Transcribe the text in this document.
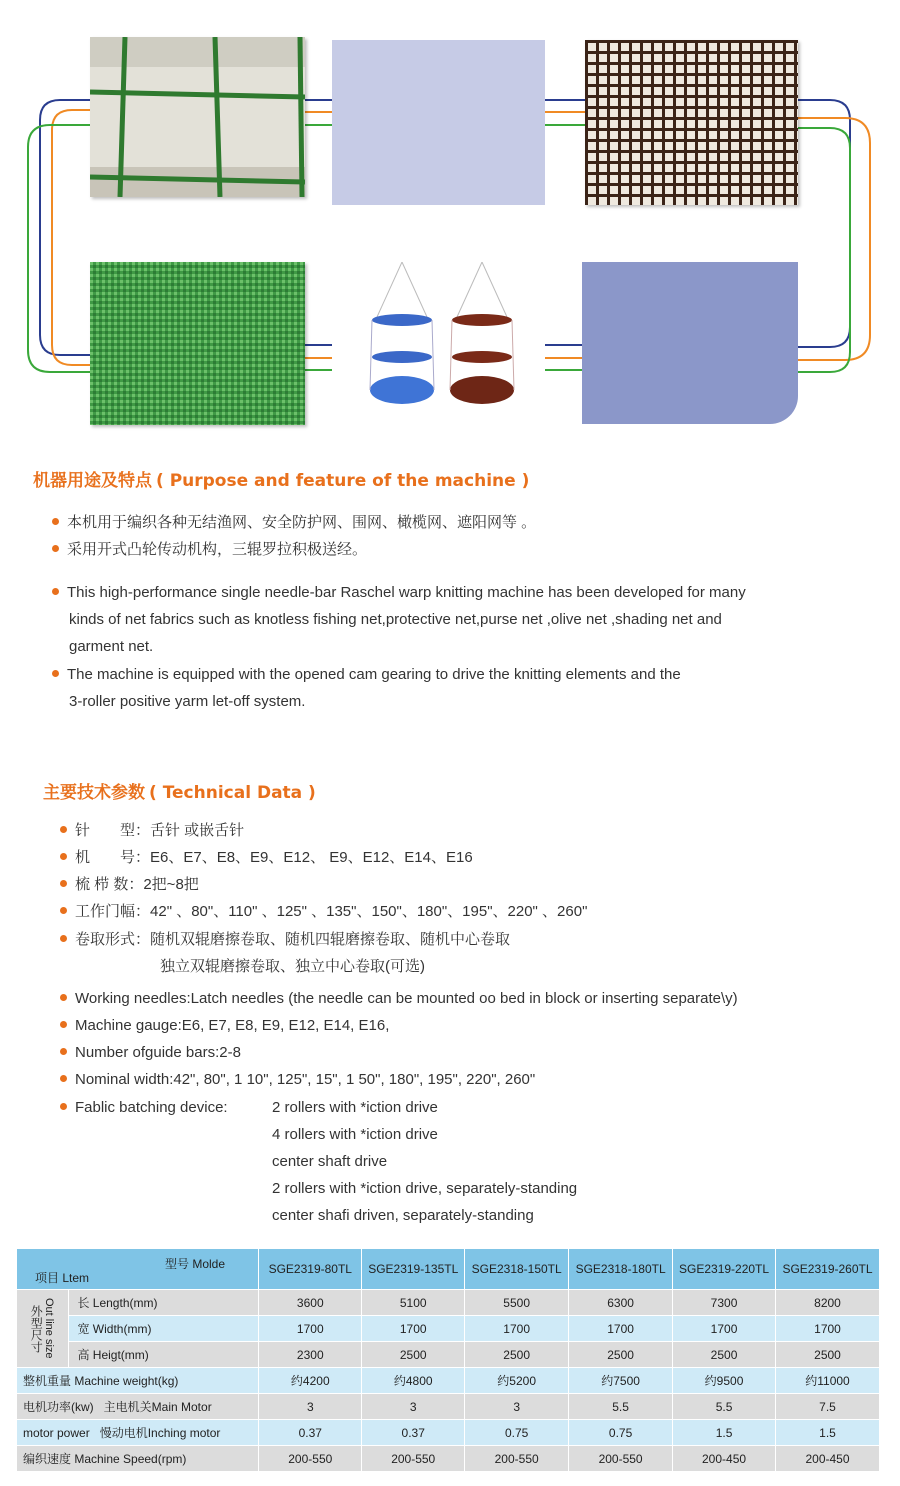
机器用途及特点 ( Purpose and feature of the machine )
本机用于编织各种无结渔网、安全防护网、围网、橄榄网、遮阳网等 。
采用开式凸轮传动机构，三辊罗拉积极送经。
This high-performance single needle-bar Raschel warp knitting machine has been developed for many
kinds of net fabrics such as knotless fishing net,protective net,purse net ,olive net ,shading net and
garment net.
The machine is equipped with the opened cam gearing to drive the knitting elements and the
3-roller positive yarm let-off system.
主要技术参数 ( Technical Data )
针　　型：舌针 或嵌舌针
机　　号：E6、E7、E8、E9、E12、 E9、E12、E14、E16
梳 栉 数：2把~8把
工作门幅：42" 、80"、110" 、125" 、135"、150"、180"、195"、220" 、260"
卷取形式：随机双辊磨擦卷取、随机四辊磨擦卷取、随机中心卷取
独立双辊磨擦卷取、独立中心卷取(可选)
Working needles:Latch needles (the needle can be mounted oo bed in block or inserting separate\y)
Machine gauge:E6, E7, E8, E9, E12, E14, E16,
Number ofguide bars:2-8
Nominal width:42", 80", 1 10", 125", 15", 1 50", 180", 195", 220", 260"
Fablic batching device:	2 rollers with *iction drive
4 rollers with *iction drive
center shaft drive
2 rollers with *iction drive, separately-standing
center shafi driven, separately-standing
项目 Ltem
型号 Molde		SGE2319-80TL	SGE2319-135TL	SGE2318-150TL	SGE2318-180TL	SGE2319-220TL	SGE2319-260TL

外型尺寸 Out line size	长 Length(mm)	3600	5100	5500	6300	7300	8200
	宽 Width(mm)	1700	1700	1700	1700	1700	1700
	高 Heigt(mm)	2300	2500	2500	2500	2500	2500
整机重量 Machine weight(kg)		约4200	约4800	约5200	约7500	约9500	约11000
电机功率(kw) 主电机关Main Motor		3	3	3	5.5	5.5	7.5
motor power 慢动电机Inching motor		0.37	0.37	0.75	0.75	1.5	1.5
编织速度 Machine Speed(rpm)		200-550	200-550	200-550	200-550	200-450	200-450
